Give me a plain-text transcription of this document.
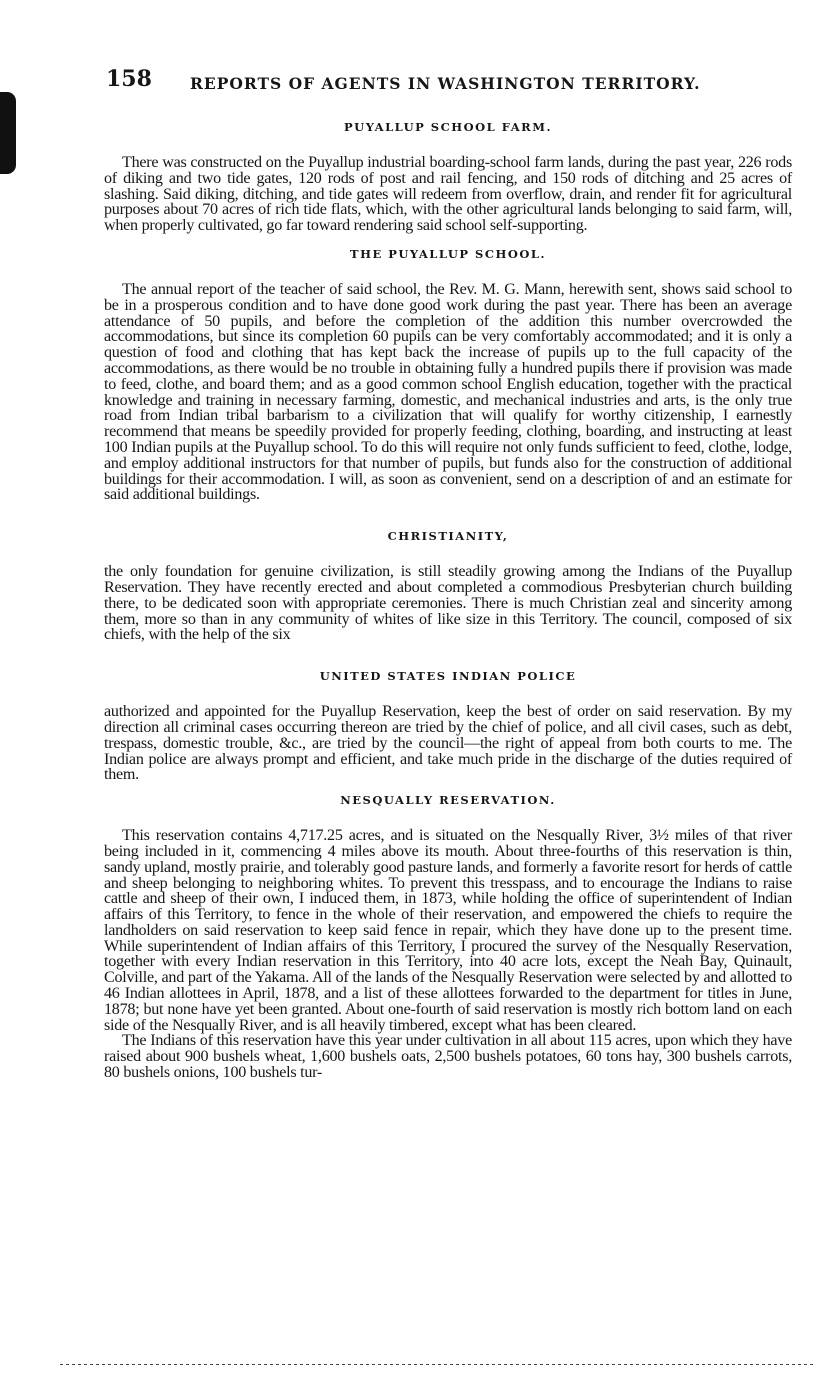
158 REPORTS OF AGENTS IN WASHINGTON TERRITORY.
PUYALLUP SCHOOL FARM.

There was constructed on the Puyallup industrial boarding-school farm lands, during the past year, 226 rods of diking and two tide gates, 120 rods of post and rail fencing, and 150 rods of ditching and 25 acres of slashing. Said diking, ditching, and tide gates will redeem from overflow, drain, and render fit for agricultural purposes about 70 acres of rich tide flats, which, with the other agricultural lands belonging to said farm, will, when properly cultivated, go far toward rendering said school self-supporting.

THE PUYALLUP SCHOOL.

The annual report of the teacher of said school, the Rev. M. G. Mann, herewith sent, shows said school to be in a prosperous condition and to have done good work during the past year. There has been an average attendance of 50 pupils, and before the completion of the addition this number overcrowded the accommodations, but since its completion 60 pupils can be very comfortably accommodated; and it is only a question of food and clothing that has kept back the increase of pupils up to the full capacity of the accommodations, as there would be no trouble in obtaining fully a hundred pupils there if provision was made to feed, clothe, and board them; and as a good common school English education, together with the practical knowledge and training in necessary farming, domestic, and mechanical industries and arts, is the only true road from Indian tribal barbarism to a civilization that will qualify for worthy citizenship, I earnestly recommend that means be speedily provided for properly feeding, clothing, boarding, and instructing at least 100 Indian pupils at the Puyallup school. To do this will require not only funds sufficient to feed, clothe, lodge, and employ additional instructors for that number of pupils, but funds also for the construction of additional buildings for their accommodation. I will, as soon as convenient, send on a description of and an estimate for said additional buildings.

CHRISTIANITY,

the only foundation for genuine civilization, is still steadily growing among the Indians of the Puyallup Reservation. They have recently erected and about completed a commodious Presbyterian church building there, to be dedicated soon with appropriate ceremonies. There is much Christian zeal and sincerity among them, more so than in any community of whites of like size in this Territory. The council, composed of six chiefs, with the help of the six

UNITED STATES INDIAN POLICE

authorized and appointed for the Puyallup Reservation, keep the best of order on said reservation. By my direction all criminal cases occurring thereon are tried by the chief of police, and all civil cases, such as debt, trespass, domestic trouble, &c., are tried by the council—the right of appeal from both courts to me. The Indian police are always prompt and efficient, and take much pride in the discharge of the duties required of them.

NESQUALLY RESERVATION.

This reservation contains 4,717.25 acres, and is situated on the Nesqually River, 3½ miles of that river being included in it, commencing 4 miles above its mouth. About three-fourths of this reservation is thin, sandy upland, mostly prairie, and tolerably good pasture lands, and formerly a favorite resort for herds of cattle and sheep belonging to neighboring whites. To prevent this tresspass, and to encourage the Indians to raise cattle and sheep of their own, I induced them, in 1873, while holding the office of superintendent of Indian affairs of this Territory, to fence in the whole of their reservation, and empowered the chiefs to require the landholders on said reservation to keep said fence in repair, which they have done up to the present time. While superintendent of Indian affairs of this Territory, I procured the survey of the Nesqually Reservation, together with every Indian reservation in this Territory, into 40 acre lots, except the Neah Bay, Quinault, Colville, and part of the Yakama. All of the lands of the Nesqually Reservation were selected by and allotted to 46 Indian allottees in April, 1878, and a list of these allottees forwarded to the department for titles in June, 1878; but none have yet been granted. About one-fourth of said reservation is mostly rich bottom land on each side of the Nesqually River, and is all heavily timbered, except what has been cleared.

The Indians of this reservation have this year under cultivation in all about 115 acres, upon which they have raised about 900 bushels wheat, 1,600 bushels oats, 2,500 bushels potatoes, 60 tons hay, 300 bushels carrots, 80 bushels onions, 100 bushels tur-
